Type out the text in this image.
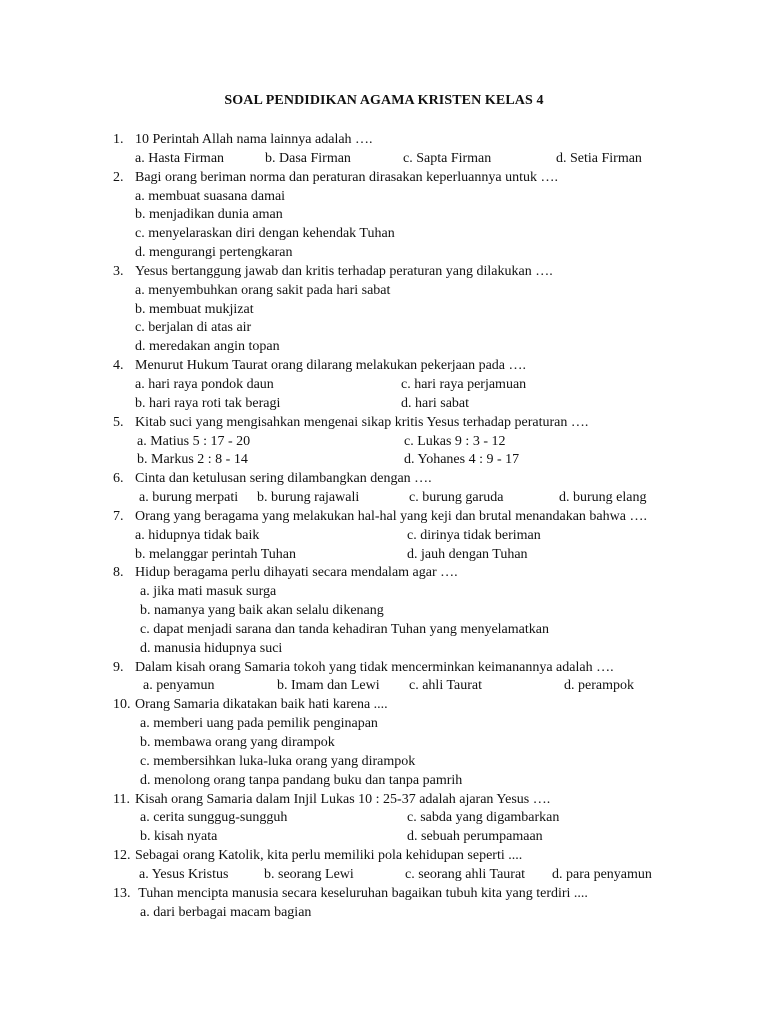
SOAL PENDIDIKAN AGAMA KRISTEN KELAS 4
1. 10 Perintah Allah nama lainnya adalah ….
a. Hasta Firman	b. Dasa Firman	c. Sapta Firman	d. Setia Firman
2. Bagi orang beriman norma dan peraturan dirasakan keperluannya untuk ….
a. membuat suasana damai
b. menjadikan dunia aman
c. menyelaraskan diri dengan kehendak Tuhan
d. mengurangi pertengkaran
3. Yesus bertanggung jawab dan kritis terhadap peraturan yang dilakukan ….
a. menyembuhkan orang sakit pada hari sabat
b. membuat mukjizat
c. berjalan di atas air
d. meredakan angin topan
4. Menurut Hukum Taurat orang dilarang melakukan pekerjaan pada ….
a. hari raya pondok daun	c. hari raya perjamuan
b. hari raya roti tak beragi	d. hari sabat
5. Kitab suci yang mengisahkan mengenai sikap kritis Yesus terhadap peraturan ….
a. Matius 5 : 17 - 20	c. Lukas 9 : 3 - 12
b. Markus 2 : 8 - 14	d. Yohanes 4 : 9 - 17
6. Cinta dan ketulusan sering dilambangkan dengan ….
a. burung merpati b. burung rajawali	c. burung garuda	d. burung elang
7. Orang yang beragama yang melakukan hal-hal yang keji dan brutal menandakan bahwa ….
a. hidupnya tidak baik	c. dirinya tidak beriman
b. melanggar perintah Tuhan	d. jauh dengan Tuhan
8. Hidup beragama perlu dihayati secara mendalam agar ….
a. jika mati masuk surga
b. namanya yang baik akan selalu dikenang
c. dapat menjadi sarana dan tanda kehadiran Tuhan yang menyelamatkan
d. manusia hidupnya suci
9. Dalam kisah orang Samaria tokoh yang tidak mencerminkan keimanannya adalah ….
a. penyamun	b. Imam dan Lewi c. ahli Taurat	d. perampok
10. Orang Samaria dikatakan baik hati karena ....
a. memberi uang pada pemilik penginapan
b. membawa orang yang dirampok
c. membersihkan luka-luka orang yang dirampok
d. menolong orang tanpa pandang buku dan tanpa pamrih
11. Kisah orang Samaria dalam Injil Lukas 10 : 25-37 adalah ajaran Yesus ….
a. cerita sunggug-sungguh	c. sabda yang digambarkan
b. kisah nyata	d. sebuah perumpamaan
12. Sebagai orang Katolik, kita perlu memiliki pola kehidupan seperti ....
a. Yesus Kristus	b. seorang Lewi	c. seorang ahli Taurat d. para penyamun
13. Tuhan mencipta manusia secara keseluruhan bagaikan tubuh kita yang terdiri ....
a. dari berbagai macam bagian
